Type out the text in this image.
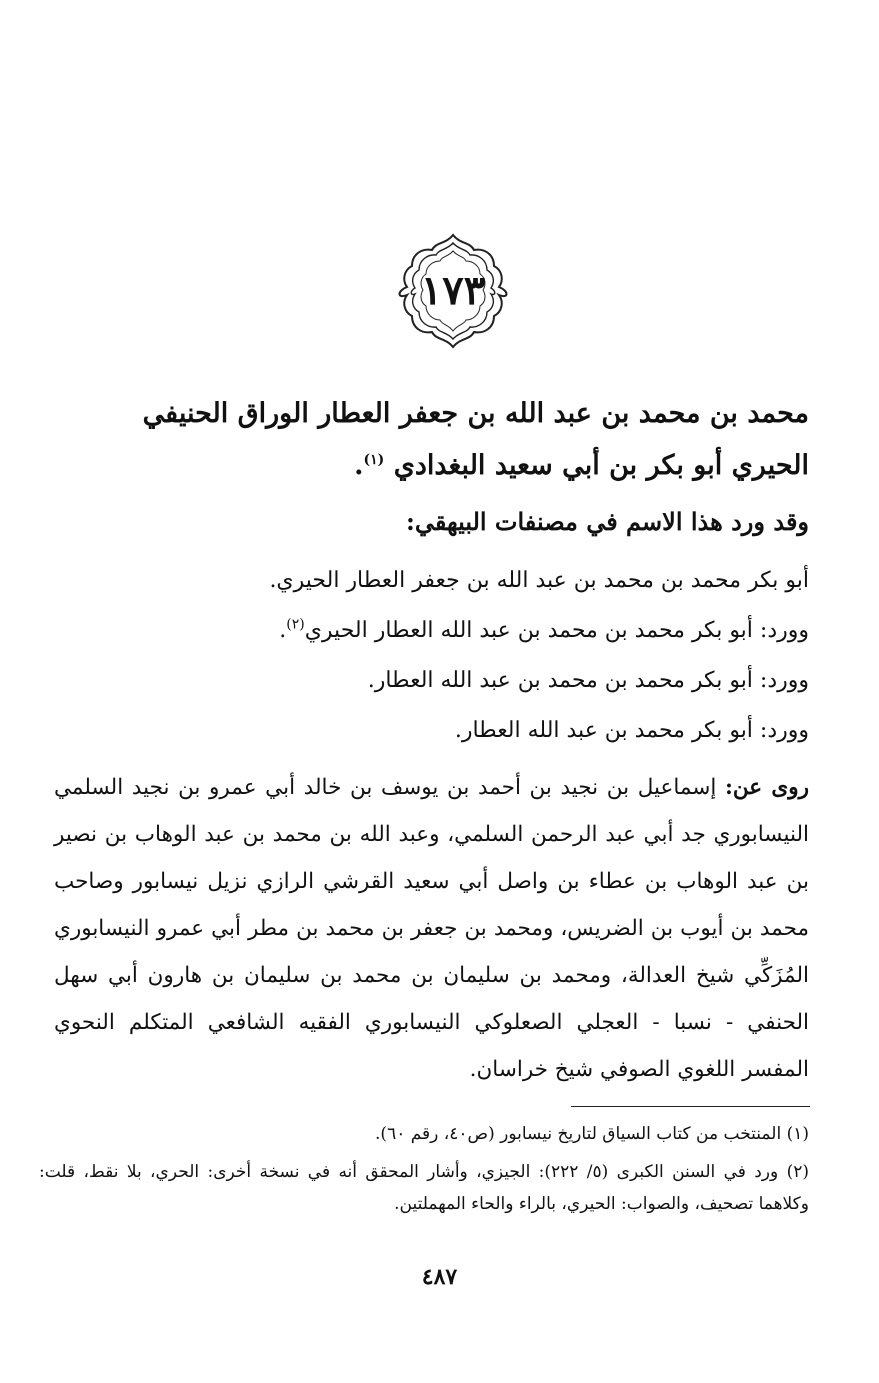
١٧٣
محمد بن محمد بن عبد الله بن جعفر العطار الوراق الحنيفي
الحيري أبو بكر بن أبي سعيد البغدادي $^{(١)}$.
وقد ورد هذا الاسم في مصنفات البيهقي:
أبو بكر محمد بن محمد بن عبد الله بن جعفر العطار الحيري.
وورد: أبو بكر محمد بن محمد بن عبد الله العطار الحيري$^{(٢)}$.
وورد: أبو بكر محمد بن محمد بن عبد الله العطار.
وورد: أبو بكر محمد بن عبد الله العطار.
روى عن: إسماعيل بن نجيد بن أحمد بن يوسف بن خالد أبي عمرو بن نجيد السلمي النيسابوري جد أبي عبد الرحمن السلمي، وعبد الله بن محمد بن عبد الوهاب بن نصير بن عبد الوهاب بن عطاء بن واصل أبي سعيد القرشي الرازي نزيل نيسابور وصاحب محمد بن أيوب بن الضريس، ومحمد بن جعفر بن محمد بن مطر أبي عمرو النيسابوري المُزَكِّي شيخ العدالة، ومحمد بن سليمان بن محمد بن سليمان بن هارون أبي سهل الحنفي - نسبا - العجلي الصعلوكي النيسابوري الفقيه الشافعي المتكلم النحوي المفسر اللغوي الصوفي شيخ خراسان.
(١) المنتخب من كتاب السياق لتاريخ نيسابور (ص٤٠، رقم ٦٠).
(٢) ورد في السنن الكبرى (٥/ ٢٢٢): الجيزي، وأشار المحقق أنه في نسخة أخرى: الحري، بلا نقط، قلت: وكلاهما تصحيف، والصواب: الحيري، بالراء والحاء المهملتين.
٤٨٧
